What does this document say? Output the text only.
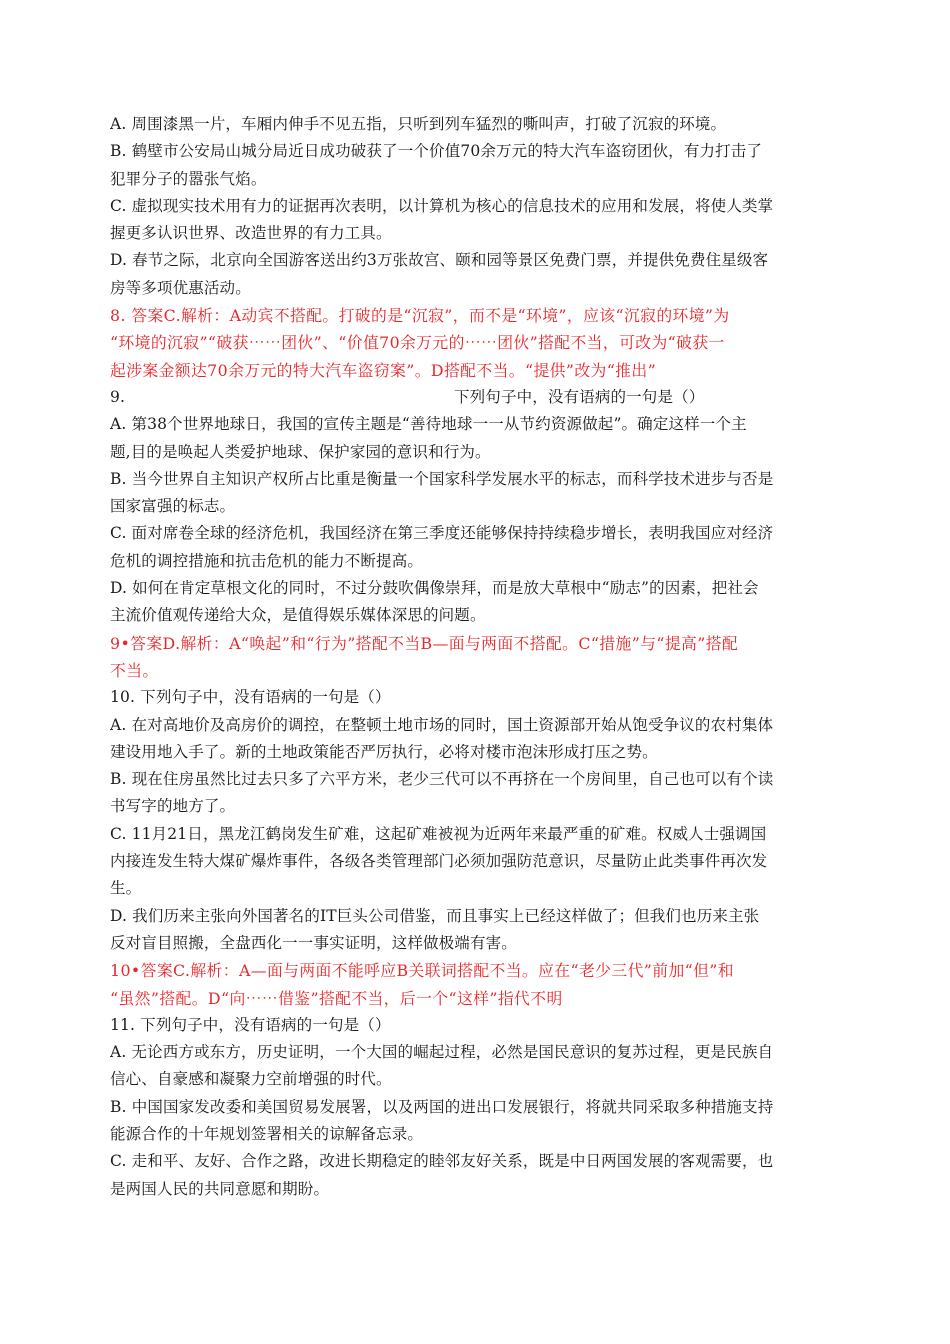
A. 周围漆黑一片，车厢内伸手不见五指，只听到列车猛烈的嘶叫声，打破了沉寂的环境。
B. 鹤壁市公安局山城分局近日成功破获了一个价值70余万元的特大汽车盗窃团伙，有力打击了
犯罪分子的嚣张气焰。
C. 虚拟现实技术用有力的证据再次表明，以计算机为核心的信息技术的应用和发展，将使人类掌
握更多认识世界、改造世界的有力工具。
D. 春节之际，北京向全国游客送出约3万张故宫、颐和园等景区免费门票，并提供免费住星级客
房等多项优惠活动。
8. 答案C.解析：A动宾不搭配。打破的是“沉寂”，而不是“环境”，应该“沉寂的环境”为
“环境的沉寂”“破获⋯⋯团伙”、“价值70余万元的⋯⋯团伙”搭配不当，可改为“破获一
起涉案金额达70余万元的特大汽车盗窃案”。D搭配不当。“提供”改为“推出”
9.	下列句子中，没有语病的一句是（）

A. 第38个世界地球日，我国的宣传主题是“善待地球一一从节约资源做起”。确定这样一个主
题,目的是唤起人类爱护地球、保护家园的意识和行为。
B. 当今世界自主知识产权所占比重是衡量一个国家科学发展水平的标志，而科学技术进步与否是
国家富强的标志。
C. 面对席卷全球的经济危机，我国经济在第三季度还能够保持持续稳步增长，表明我国应对经济
危机的调控措施和抗击危机的能力不断提高。
D. 如何在肯定草根文化的同时，不过分鼓吹偶像崇拜，而是放大草根中“励志”的因素，把社会
主流价值观传递给大众，是值得娱乐媒体深思的问题。
9•答案D.解析：A“唤起”和“行为”搭配不当B—面与两面不搭配。C“措施”与“提高”搭配
不当。
10. 下列句子中，没有语病的一句是（）
A. 在对高地价及高房价的调控，在整顿土地市场的同时，国土资源部开始从饱受争议的农村集体
建设用地入手了。新的土地政策能否严厉执行，必将对楼市泡沫形成打压之势。
B. 现在住房虽然比过去只多了六平方米，老少三代可以不再挤在一个房间里，自己也可以有个读
书写字的地方了。
C. 11月21日，黑龙江鹤岗发生矿难，这起矿难被视为近两年来最严重的矿难。权威人士强调国
内接连发生特大煤矿爆炸事件，各级各类管理部门必须加强防范意识，尽量防止此类事件再次发
生。
D. 我们历来主张向外国著名的IT巨头公司借鉴，而且事实上已经这样做了；但我们也历来主张
反对盲目照搬，全盘西化一一事实证明，这样做极端有害。
10•答案C.解析：A—面与两面不能呼应B关联词搭配不当。应在“老少三代”前加“但”和
“虽然”搭配。D“向⋯⋯借鉴”搭配不当，后一个“这样”指代不明
11. 下列句子中，没有语病的一句是（）
A. 无论西方或东方，历史证明，一个大国的崛起过程，必然是国民意识的复苏过程，更是民族自
信心、自豪感和凝聚力空前增强的时代。
B. 中国国家发改委和美国贸易发展署，以及两国的进出口发展银行，将就共同采取多种措施支持
能源合作的十年规划签署相关的谅解备忘录。
C. 走和平、友好、合作之路，改进长期稳定的睦邻友好关系，既是中日两国发展的客观需要，也
是两国人民的共同意愿和期盼。
